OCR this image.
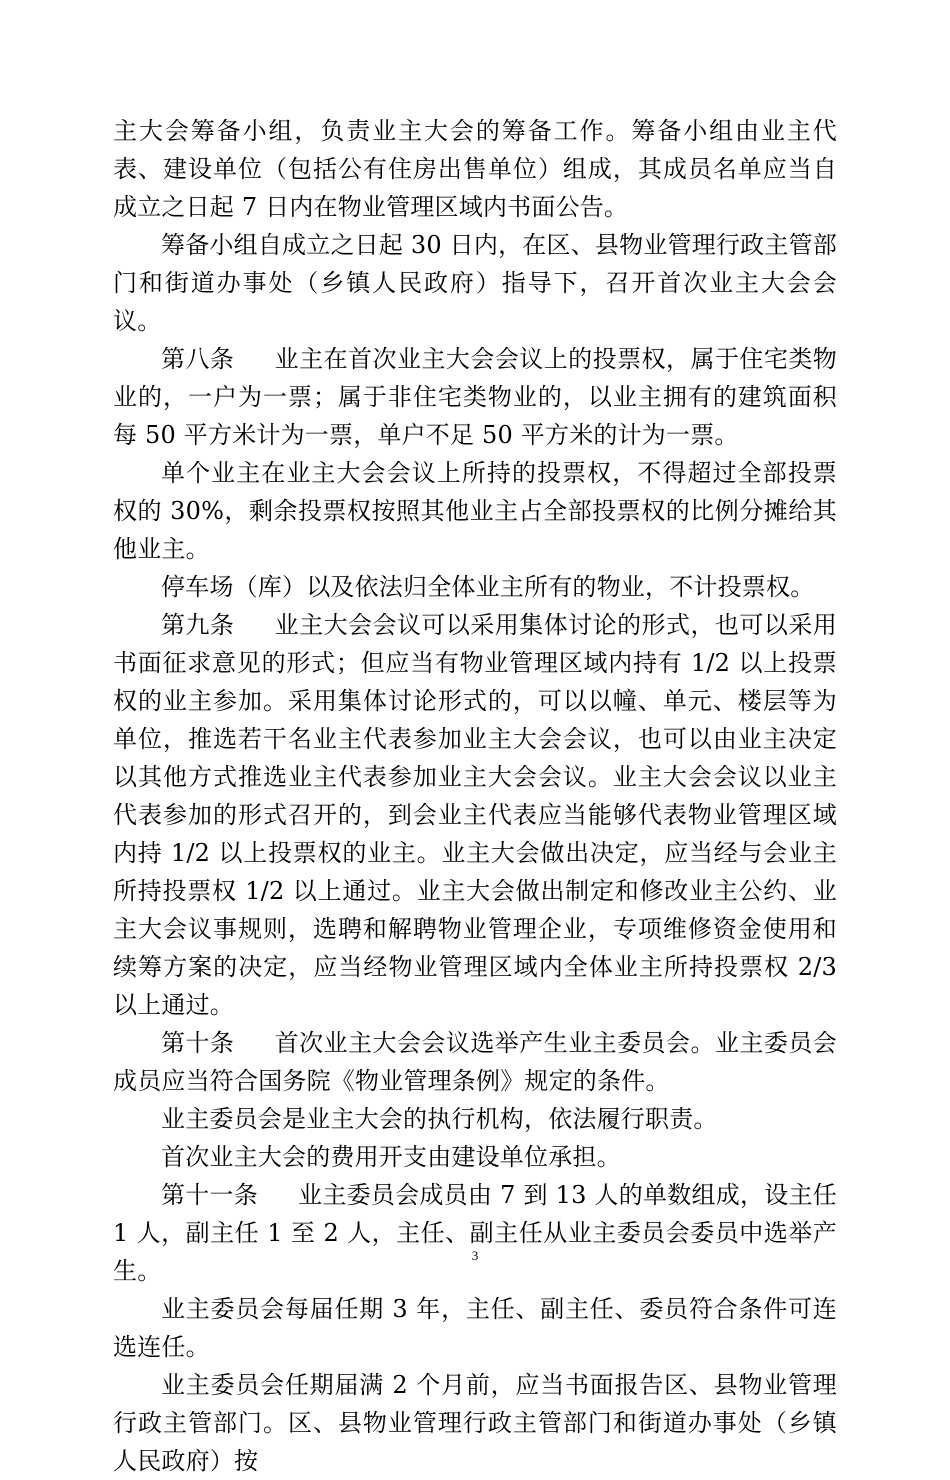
主大会筹备小组，负责业主大会的筹备工作。筹备小组由业主代表、建设单位（包括公有住房出售单位）组成，其成员名单应当自成立之日起 7 日内在物业管理区域内书面公告。

筹备小组自成立之日起 30 日内，在区、县物业管理行政主管部门和街道办事处（乡镇人民政府）指导下，召开首次业主大会会议。

第八条 业主在首次业主大会会议上的投票权，属于住宅类物业的，一户为一票；属于非住宅类物业的，以业主拥有的建筑面积每 50 平方米计为一票，单户不足 50 平方米的计为一票。

单个业主在业主大会会议上所持的投票权，不得超过全部投票权的 30%，剩余投票权按照其他业主占全部投票权的比例分摊给其他业主。

停车场（库）以及依法归全体业主所有的物业，不计投票权。

第九条 业主大会会议可以采用集体讨论的形式，也可以采用书面征求意见的形式；但应当有物业管理区域内持有 1/2 以上投票权的业主参加。采用集体讨论形式的，可以以幢、单元、楼层等为单位，推选若干名业主代表参加业主大会会议，也可以由业主决定以其他方式推选业主代表参加业主大会会议。业主大会会议以业主代表参加的形式召开的，到会业主代表应当能够代表物业管理区域内持 1/2 以上投票权的业主。业主大会做出决定，应当经与会业主所持投票权 1/2 以上通过。业主大会做出制定和修改业主公约、业主大会议事规则，选聘和解聘物业管理企业，专项维修资金使用和续筹方案的决定，应当经物业管理区域内全体业主所持投票权 2/3 以上通过。

第十条 首次业主大会会议选举产生业主委员会。业主委员会成员应当符合国务院《物业管理条例》规定的条件。

业主委员会是业主大会的执行机构，依法履行职责。

首次业主大会的费用开支由建设单位承担。

第十一条 业主委员会成员由 7 到 13 人的单数组成，设主任 1 人，副主任 1 至 2 人，主任、副主任从业主委员会委员中选举产生。

业主委员会每届任期 3 年，主任、副主任、委员符合条件可连选连任。

业主委员会任期届满 2 个月前，应当书面报告区、县物业管理行政主管部门。区、县物业管理行政主管部门和街道办事处（乡镇人民政府）按

3
